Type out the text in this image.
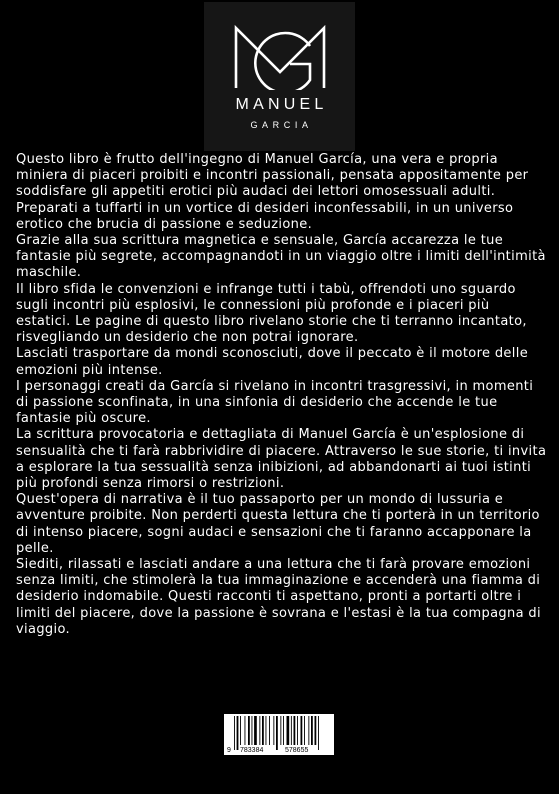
MANUEL
GARCIA

Questo libro è frutto dell'ingegno di Manuel García, una vera e propria miniera di piaceri proibiti e incontri passionali, pensata appositamente per soddisfare gli appetiti erotici più audaci dei lettori omosessuali adulti.

Preparati a tuffarti in un vortice di desideri inconfessabili, in un universo erotico che brucia di passione e seduzione.

Grazie alla sua scrittura magnetica e sensuale, García accarezza le tue fantasie più segrete, accompagnandoti in un viaggio oltre i limiti dell'intimità maschile.

Il libro sfida le convenzioni e infrange tutti i tabù, offrendoti uno sguardo sugli incontri più esplosivi, le connessioni più profonde e i piaceri più estatici. Le pagine di questo libro rivelano storie che ti terranno incantato, risvegliando un desiderio che non potrai ignorare.

Lasciati trasportare da mondi sconosciuti, dove il peccato è il motore delle emozioni più intense.

I personaggi creati da García si rivelano in incontri trasgressivi, in momenti di passione sconfinata, in una sinfonia di desiderio che accende le tue fantasie più oscure.

La scrittura provocatoria e dettagliata di Manuel García è un'esplosione di sensualità che ti farà rabbrividire di piacere. Attraverso le sue storie, ti invita a esplorare la tua sessualità senza inibizioni, ad abbandonarti ai tuoi istinti più profondi senza rimorsi o restrizioni.

Quest'opera di narrativa è il tuo passaporto per un mondo di lussuria e avventure proibite. Non perderti questa lettura che ti porterà in un territorio di intenso piacere, sogni audaci e sensazioni che ti faranno accapponare la pelle.

Siediti, rilassati e lasciati andare a una lettura che ti farà provare emozioni senza limiti, che stimolerà la tua immaginazione e accenderà una fiamma di desiderio indomabile. Questi racconti ti aspettano, pronti a portarti oltre i limiti del piacere, dove la passione è sovrana e l'estasi è la tua compagna di viaggio.

9 783384	578655
